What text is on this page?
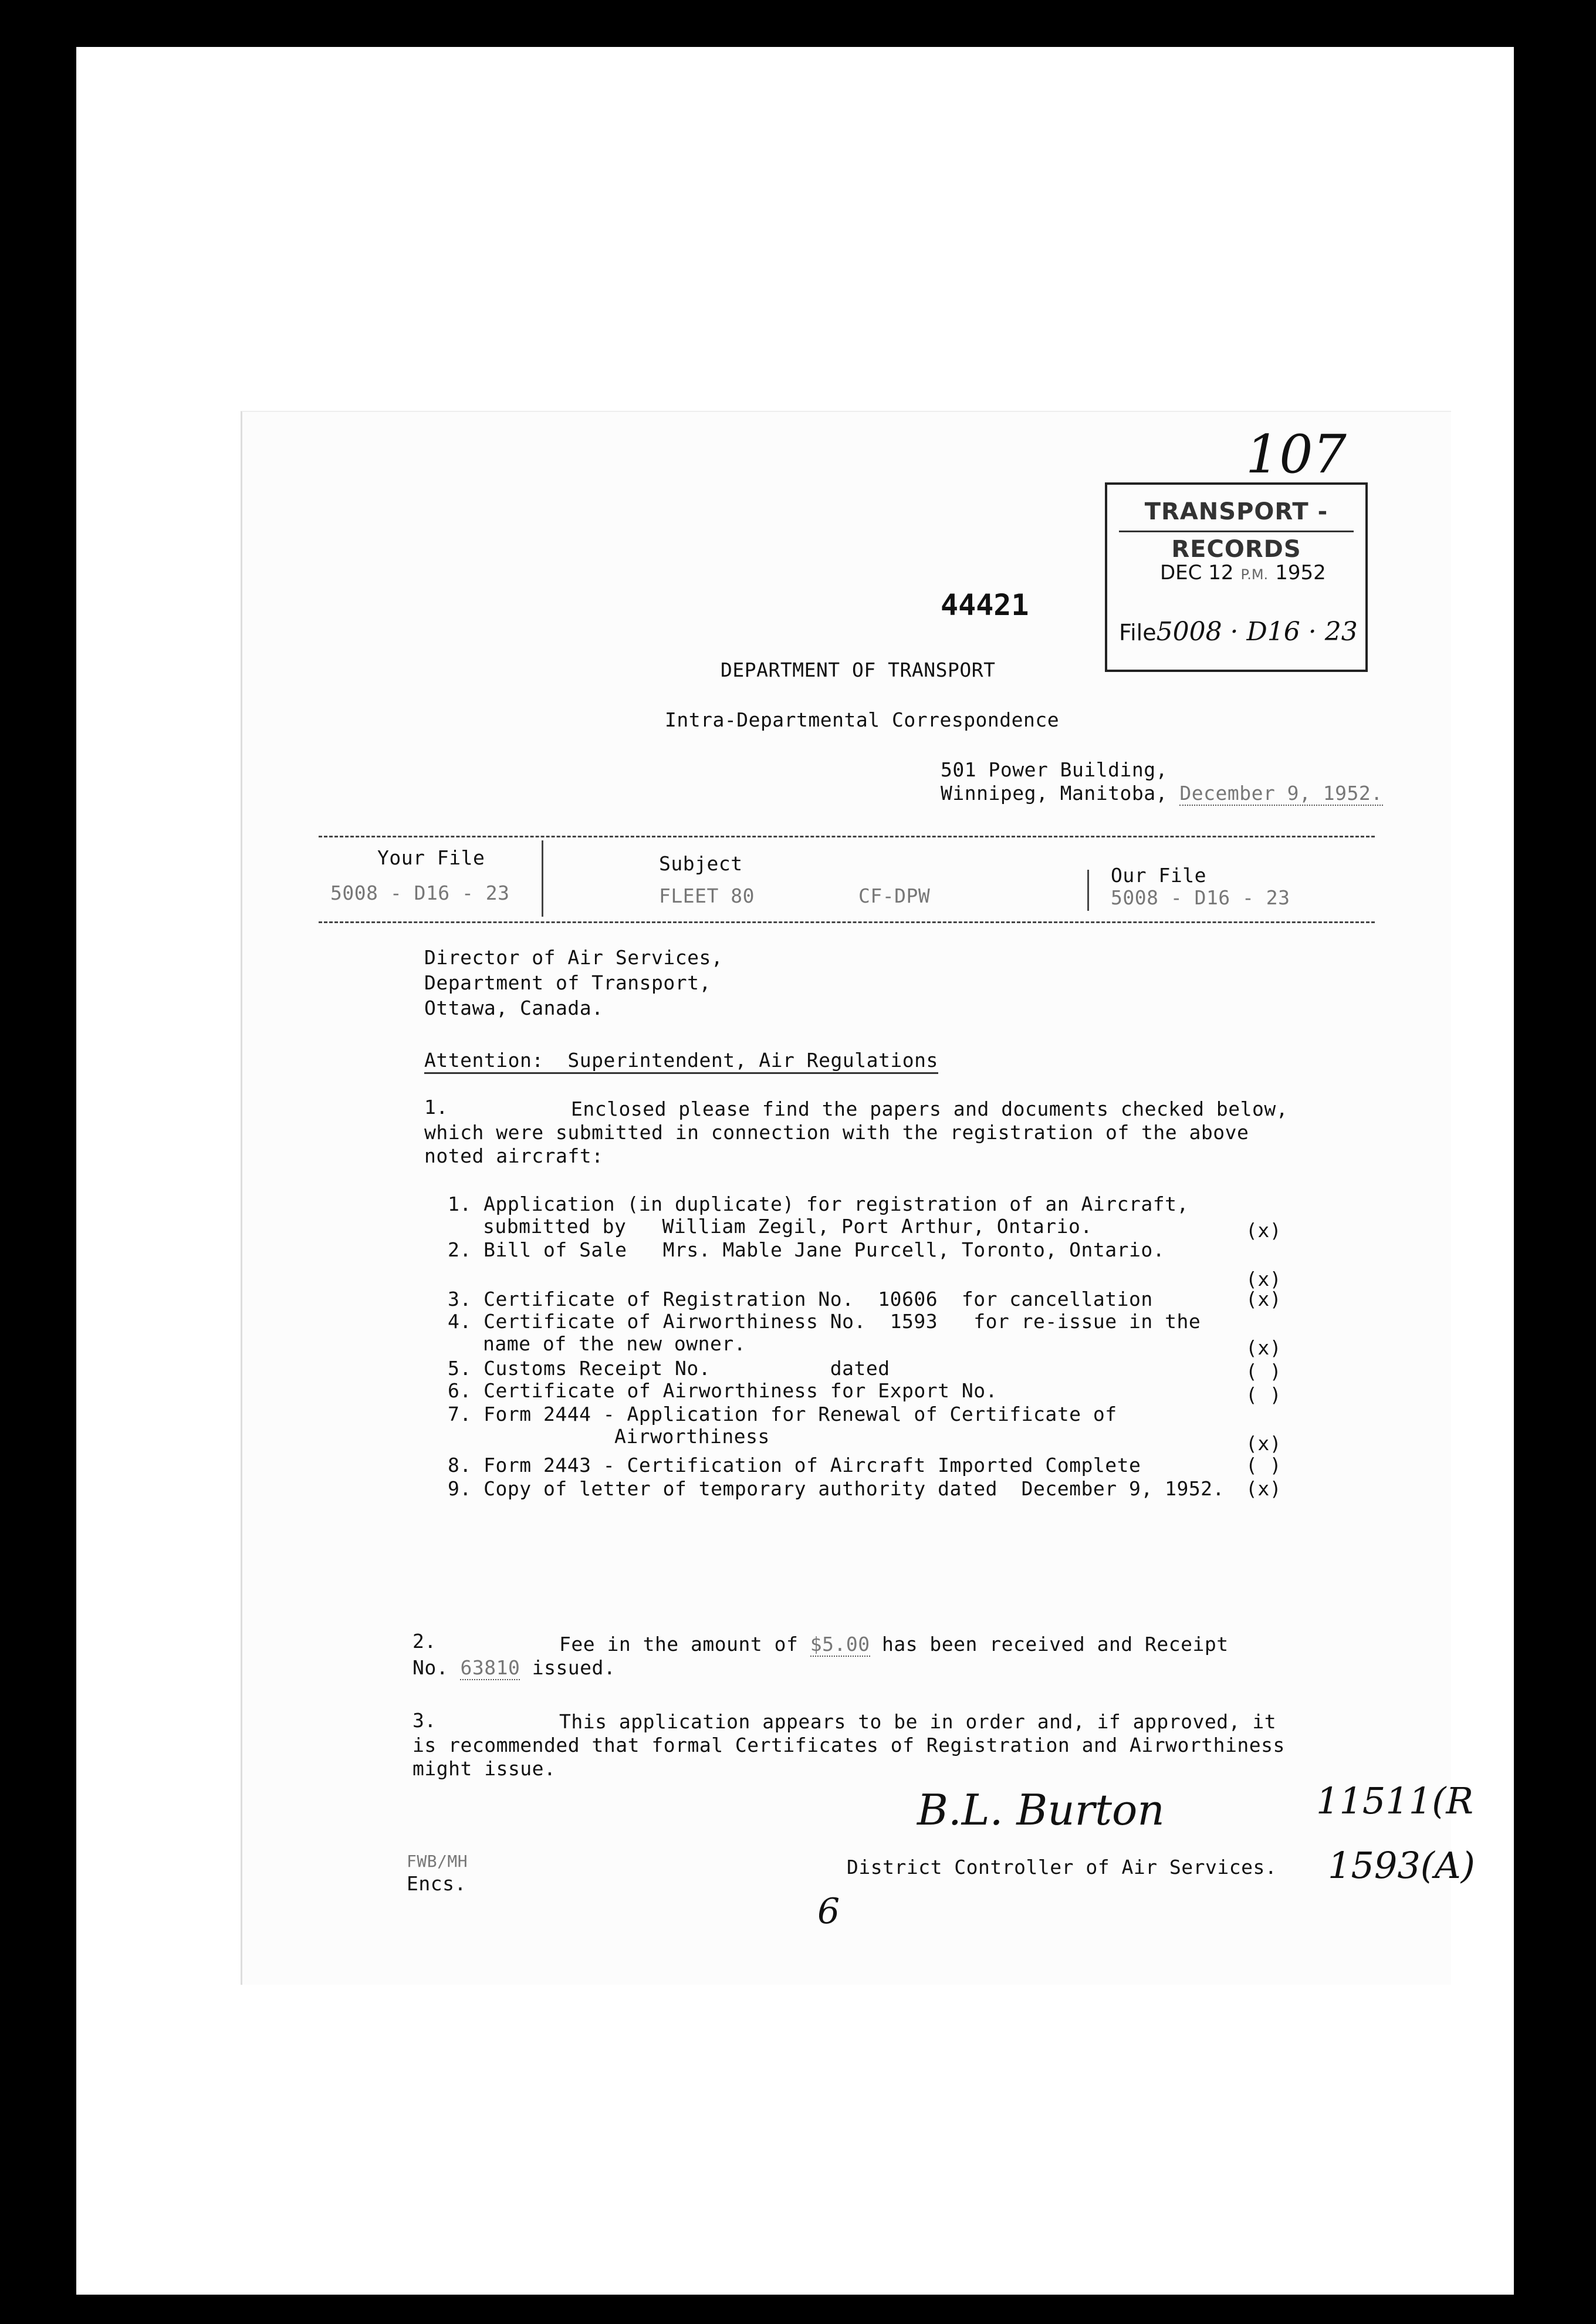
107
TRANSPORT - RECORDS
DEC 12 P.M. 1952
File5008 · D16 · 23
44421
DEPARTMENT OF TRANSPORT
Intra-Departmental Correspondence
501 Power Building,
Winnipeg, Manitoba, December 9, 1952.
Your File
5008 - D16 - 23
Subject
FLEET 80	CF-DPW
Our File
5008 - D16 - 23
Director of Air Services,
Department of Transport,
Ottawa, Canada.
Attention:  Superintendent, Air Regulations
1.	Enclosed please find the papers and documents checked below,
which were submitted in connection with the registration of the above
noted aircraft:
1. Application (in duplicate) for registration of an Aircraft,
submitted by   William Zegil, Port Arthur, Ontario.	(x)
2. Bill of Sale   Mrs. Mable Jane Purcell, Toronto, Ontario.
(x)
3. Certificate of Registration No.  10606  for cancellation	(x)
4. Certificate of Airworthiness No.  1593   for re-issue in the
name of the new owner.	(x)
5. Customs Receipt No.          dated	( )
6. Certificate of Airworthiness for Export No.	( )
7. Form 2444 - Application for Renewal of Certificate of
Airworthiness	(x)
8. Form 2443 - Certification of Aircraft Imported Complete	( )
9. Copy of letter of temporary authority dated  December 9, 1952. (x)
2.	Fee in the amount of $5.00 has been received and Receipt
No. 63810 issued.
3.	This application appears to be in order and, if approved, it
is recommended that formal Certificates of Registration and Airworthiness
might issue.
B.L. Burton
District Controller of Air Services.
11511(R
1593(A)
FWB/MH
Encs.
6
